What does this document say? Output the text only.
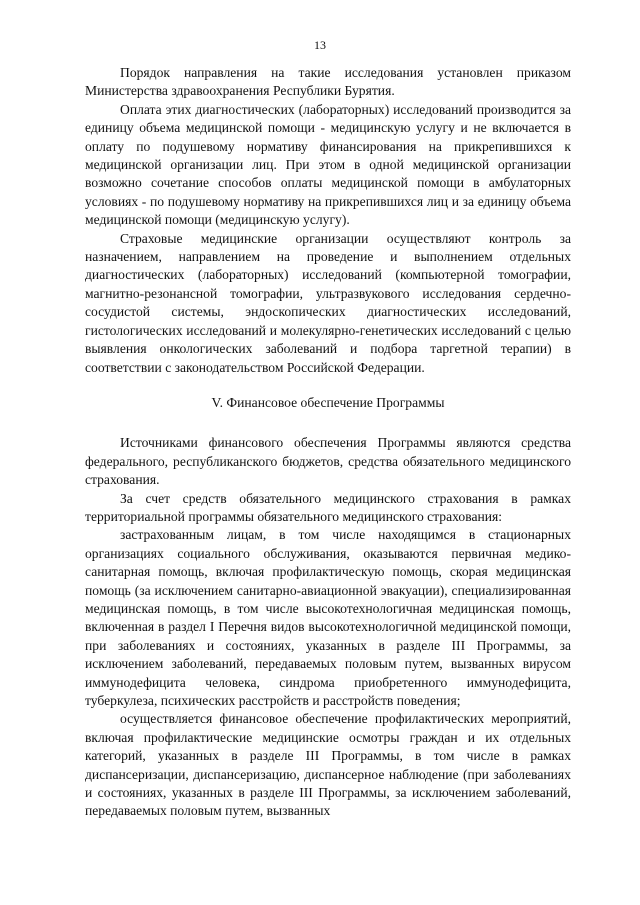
13

Порядок направления на такие исследования установлен приказом Министерства здравоохранения Республики Бурятия.

Оплата этих диагностических (лабораторных) исследований производится за единицу объема медицинской помощи - медицинскую услугу и не включается в оплату по подушевому нормативу финансирования на прикрепившихся к медицинской организации лиц. При этом в одной медицинской организации возможно сочетание способов оплаты медицинской помощи в амбулаторных условиях - по подушевому нормативу на прикрепившихся лиц и за единицу объема медицинской помощи (медицинскую услугу).

Страховые медицинские организации осуществляют контроль за назначением, направлением на проведение и выполнением отдельных диагностических (лабораторных) исследований (компьютерной томографии, магнитно-резонансной томографии, ультразвукового исследования сердечно-сосудистой системы, эндоскопических диагностических исследований, гистологических исследований и молекулярно-генетических исследований с целью выявления онкологических заболеваний и подбора таргетной терапии) в соответствии с законодательством Российской Федерации.

V. Финансовое обеспечение Программы

Источниками финансового обеспечения Программы являются средства федерального, республиканского бюджетов, средства обязательного медицинского страхования.

За счет средств обязательного медицинского страхования в рамках территориальной программы обязательного медицинского страхования:

застрахованным лицам, в том числе находящимся в стационарных организациях социального обслуживания, оказываются первичная медико-санитарная помощь, включая профилактическую помощь, скорая медицинская помощь (за исключением санитарно-авиационной эвакуации), специализированная медицинская помощь, в том числе высокотехнологичная медицинская помощь, включенная в раздел I Перечня видов высокотехнологичной медицинской помощи, при заболеваниях и состояниях, указанных в разделе III Программы, за исключением заболеваний, передаваемых половым путем, вызванных вирусом иммунодефицита человека, синдрома приобретенного иммунодефицита, туберкулеза, психических расстройств и расстройств поведения;

осуществляется финансовое обеспечение профилактических мероприятий, включая профилактические медицинские осмотры граждан и их отдельных категорий, указанных в разделе III Программы, в том числе в рамках диспансеризации, диспансеризацию, диспансерное наблюдение (при заболеваниях и состояниях, указанных в разделе III Программы, за исключением заболеваний, передаваемых половым путем, вызванных
